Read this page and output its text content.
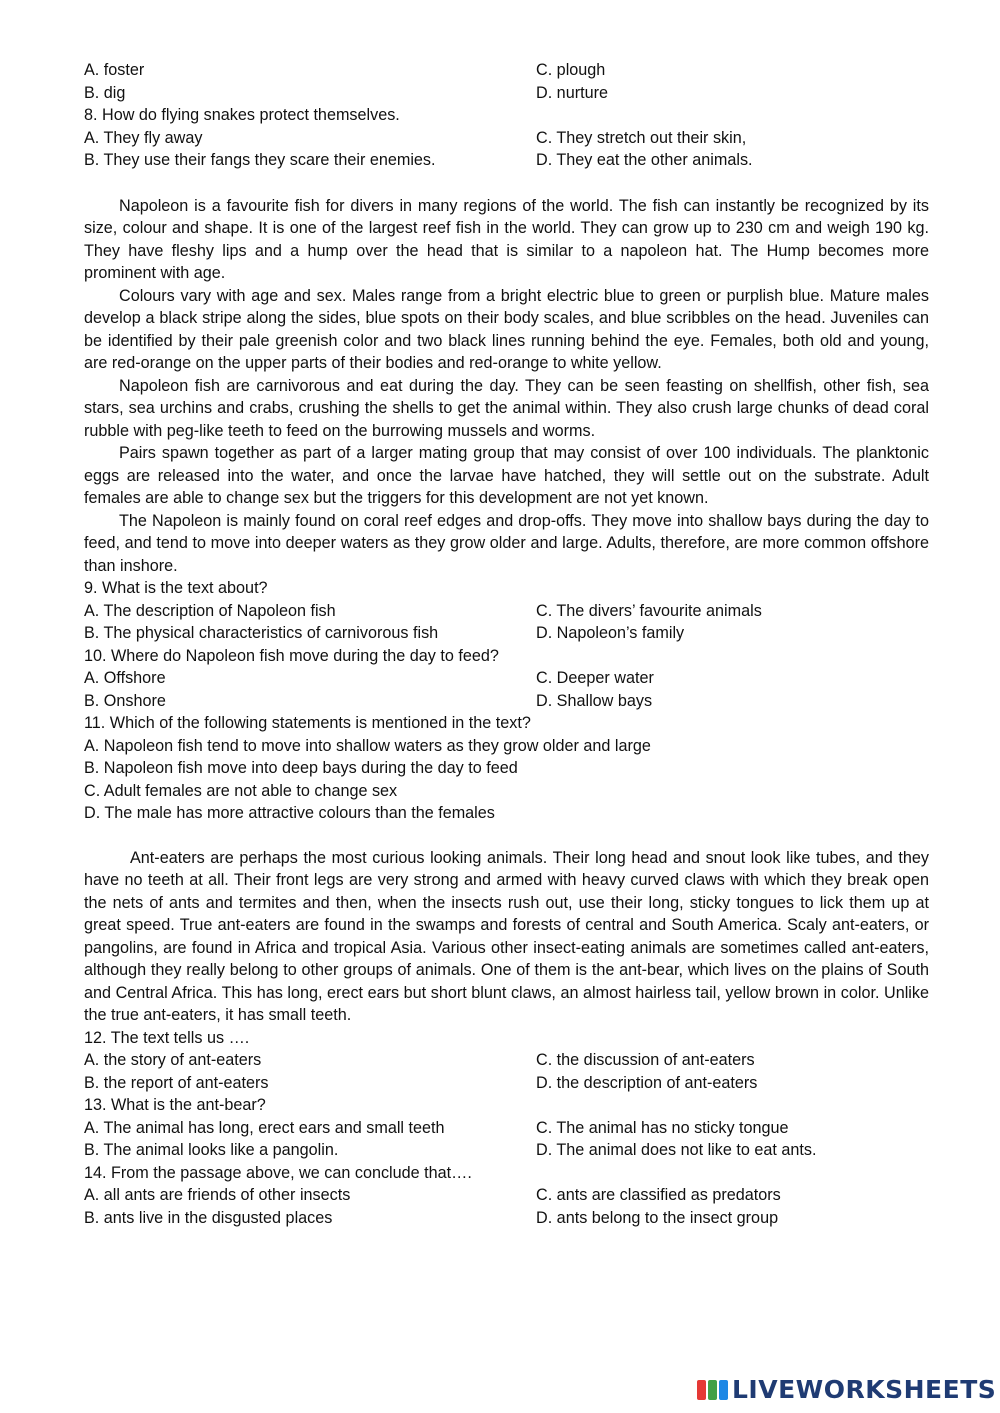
A. foster	C. plough
B. dig	D. nurture
8. How do flying snakes protect themselves.
A. They fly away	C. They stretch out their skin,
B. They use their fangs they scare their enemies.	D. They eat the other animals.
Napoleon is a favourite fish for divers in many regions of the world. The fish can instantly be recognized by its size, colour and shape. It is one of the largest reef fish in the world. They can grow up to 230 cm and weigh 190 kg. They have fleshy lips and a hump over the head that is similar to a napoleon hat. The Hump becomes more prominent with age.
Colours vary with age and sex. Males range from a bright electric blue to green or purplish blue. Mature males develop a black stripe along the sides, blue spots on their body scales, and blue scribbles on the head. Juveniles can be identified by their pale greenish color and two black lines running behind the eye. Females, both old and young, are red-orange on the upper parts of their bodies and red-orange to white yellow.
Napoleon fish are carnivorous and eat during the day. They can be seen feasting on shellfish, other fish, sea stars, sea urchins and crabs, crushing the shells to get the animal within. They also crush large chunks of dead coral rubble with peg-like teeth to feed on the burrowing mussels and worms.
Pairs spawn together as part of a larger mating group that may consist of over 100 individuals. The planktonic eggs are released into the water, and once the larvae have hatched, they will settle out on the substrate. Adult females are able to change sex but the triggers for this development are not yet known.
The Napoleon is mainly found on coral reef edges and drop-offs. They move into shallow bays during the day to feed, and tend to move into deeper waters as they grow older and large. Adults, therefore, are more common offshore than inshore.
9. What is the text about?
A. The description of Napoleon fish	C. The divers’ favourite animals
B. The physical characteristics of carnivorous fish	D. Napoleon’s family
10. Where do Napoleon fish move during the day to feed?
A. Offshore	C. Deeper water
B. Onshore	D. Shallow bays
11. Which of the following statements is mentioned in the text?
A. Napoleon fish tend to move into shallow waters as they grow older and large
B. Napoleon fish move into deep bays during the day to feed
C. Adult females are not able to change sex
D. The male has more attractive colours than the females
Ant-eaters are perhaps the most curious looking animals. Their long head and snout look like tubes, and they have no teeth at all. Their front legs are very strong and armed with heavy curved claws with which they break open the nets of ants and termites and then, when the insects rush out, use their long, sticky tongues to lick them up at great speed. True ant-eaters are found in the swamps and forests of central and South America. Scaly ant-eaters, or pangolins, are found in Africa and tropical Asia. Various other insect-eating animals are sometimes called ant-eaters, although they really belong to other groups of animals. One of them is the ant-bear, which lives on the plains of South and Central Africa. This has long, erect ears but short blunt claws, an almost hairless tail, yellow brown in color. Unlike the true ant-eaters, it has small teeth.
12. The text tells us ….
A. the story of ant-eaters	C. the discussion of ant-eaters
B. the report of ant-eaters	D. the description of ant-eaters
13. What is the ant-bear?
A. The animal has long, erect ears and small teeth	C. The animal has no sticky tongue
B. The animal looks like a pangolin.	D. The animal does not like to eat ants.
14. From the passage above, we can conclude that….
A. all ants are friends of other insects	C. ants are classified as predators
B. ants live in the disgusted places	D. ants belong to the insect group
LIVEWORKSHEETS
